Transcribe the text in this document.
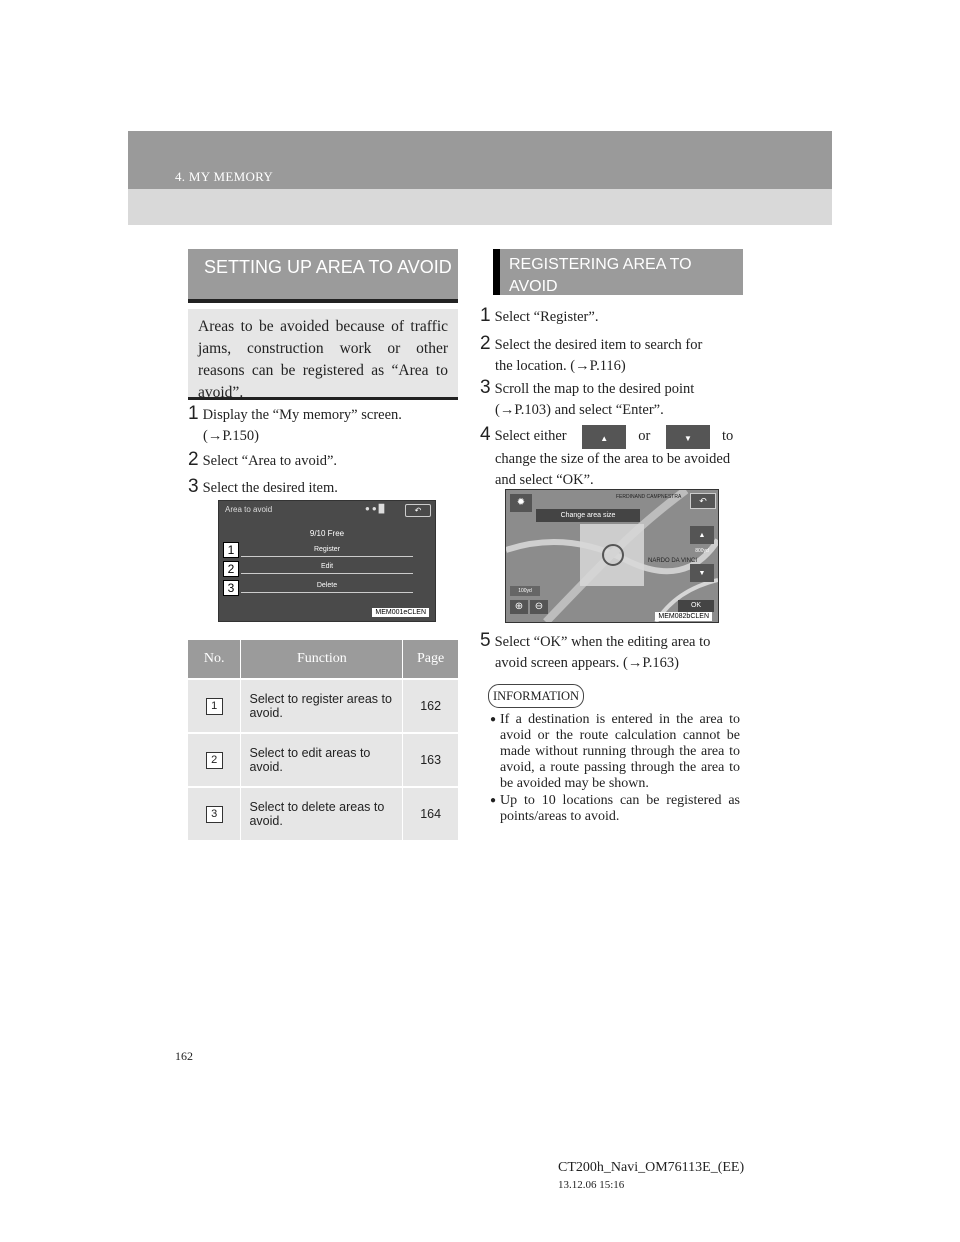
4. MY MEMORY
SETTING UP AREA TO AVOID

Areas to be avoided because of traffic jams, construction work or other reasons can be registered as “Area to avoid”.

1 Display the “My memory” screen.
(→P.150)
2 Select “Area to avoid”.
3 Select the desired item.
Area to avoid	● ● █	↶
9/10 Free
Register
Edit
Delete
1
2
3
MEM001eCLEN
No.	Function	Page
1	Select to register areas to avoid.	162
2	Select to edit areas to avoid.	163
3	Select to delete areas to avoid.	164
REGISTERING AREA TO AVOID
1 Select “Register”.
2 Select the desired item to search for
the location. (→P.116)
3 Scroll the map to the desired point
(→P.103) and select “Enter”.
4 Select either	▲	or	▼	to
change the size of the area to be avoided and select “OK”.
✹	FERDINAND CAMPNESTRA	↶
Change area size
NARDO DA VINCI
▲
800yd
▼
100yd
⊕	⊖	OK
MEM082bCLEN
5 Select “OK” when the editing area to
avoid screen appears. (→P.163)
INFORMATION
● If a destination is entered in the area to avoid or the route calculation cannot be made without running through the area to avoid, a route passing through the area to be avoided may be shown.
● Up to 10 locations can be registered as points/areas to avoid.
162
CT200h_Navi_OM76113E_(EE)
13.12.06 15:16
